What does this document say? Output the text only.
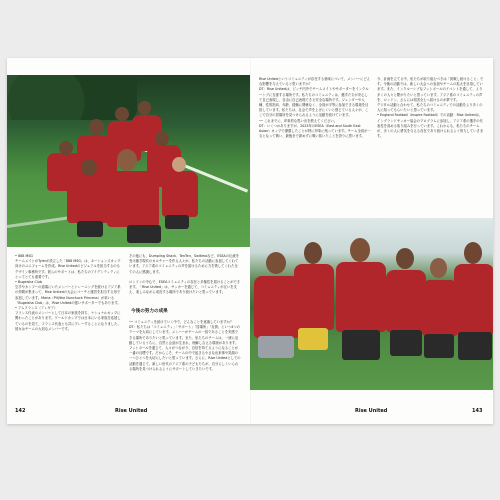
• 888 MSG
チームメイトがTylerが設立した「888 MSG」は、ネーションズカップ向けのユニフォームを作成。Rise Unitedのビジュアルを担当するのもデザイン事務所です。彼らのサポートは、私たちのアイデンティティにとってとても重要です。
• Bugeisha Club
空手やカンフーの道場にいたメンバーとトレーニングを続けるアジア系の仲間が集まって、Rise Unitedの大会にコーチと運営を担当する形で参加しています。Maria（Pill/the Nunchuck Princess）が率いる「Bugeisha Club」は、Rise Unitedの強いサポーターでもあります。
• アムフランス（アレギア）
フランス代表のメンバーとして日本の家族を持ち、ナショナルカップに関わったことがあります。ワールドカップでは日本にいる家族を応援しているのを見て、フランス代表とも共にプレーすることになりました。彼女はチームの大切なメンバーです。

その他にも、Dumpling Shack、TenTen、Switimoなど、ESEAの伝統を受け継ぎ現代のカルチャーを作る人々が、私たちの活動に参加してくれています。アジア系のコミュニティの声を届けるために力を貸してくれた全ての人に感謝します。

ロンドンの中心で、ESEAコミュニティの存在と多様性を届けることができます。「Rise United」は、サッカーを通じて、コミュニティが互いを支え、楽しみながら成長する場所であり続けたいと思っています。

今後の努力の成果

── コミュニティを続けていく中で、どんなことを意識していますか？
DT：私たちは「コミュニティ」「サポート」「居場所」「友情」という4つのテーマを大切にしています。メンバーがチームの一員であることを実感できる場所でありたいと思っています。また、私たちのチームは、一緒に活動しているうちに、自然と会話が生まれ、理解し合える環境があります。フットボールを通じて、人々がつながり、自信を持てるようになることが一番の目標です。だからこそ、チームの中で起きる小さな出来事や笑顔の一つひとつを大切にしたいと思っています。さらに、Rise Unitedとしての活動を通じて、新しい世代のアジア系の子どもたちが、自分らしくいられる場所を見つけられるようにサポートしていきたいです。

Rise Unitedというコミュニティが存在する意味について、メンバーにどんな影響を与えていると思いますか？
DT：Rise Unitedは、ピッチ内外でチームメイトやサポーターをインクルーシブに支援する場所です。私たちのコミュニティは、選手たちが安心して自己表現し、自由に自己表現できる安全な場所です。ジェンダーや人種、性的指向、年齢、経験に関係なく、全員が平等に参加できる環境を目指しています。私たちは、社会で声を上げにくいと感じている人々が、ここで自分の居場所を見つけられるように活動を続けています。
── これまでに、印象的な思い出を教えてください。
DT：いくつかありますが、2023年のESEA（East and South East Asian）カップで優勝したことが特に印象に残っています。チーム全員が一丸となって戦い、最後まで諦めずに戦い抜いたことを誇りに思います。

今、計画を立てる中、私たちが取り組むべきは「挑戦し続けること」です。今後の活動では、新しい大会への参加やチームの拡大を目指しています。また、インクルーシブなフットボールのイベントを通して、より多くの人々と繋がりたいと思っています。アジア系のコミュニティの声を、ロンドン、さらには英国全土へ届けるのが夢です。
デジタル活動と合わせて、私たちのコミュニティでの活動をより多くの人に知ってもらいたいと思っています。
• England Football（Inspire Football）での活動：Rise Unitedは、イングランドサッカー協会のプログラムに参加し、アジア系の選手の代表性を高める取り組みを行っています。これからも、私たちのチームが、多くの人に勇気を与える存在であり続けられるよう努力していきます。

142	Rise United	Rise United	143
